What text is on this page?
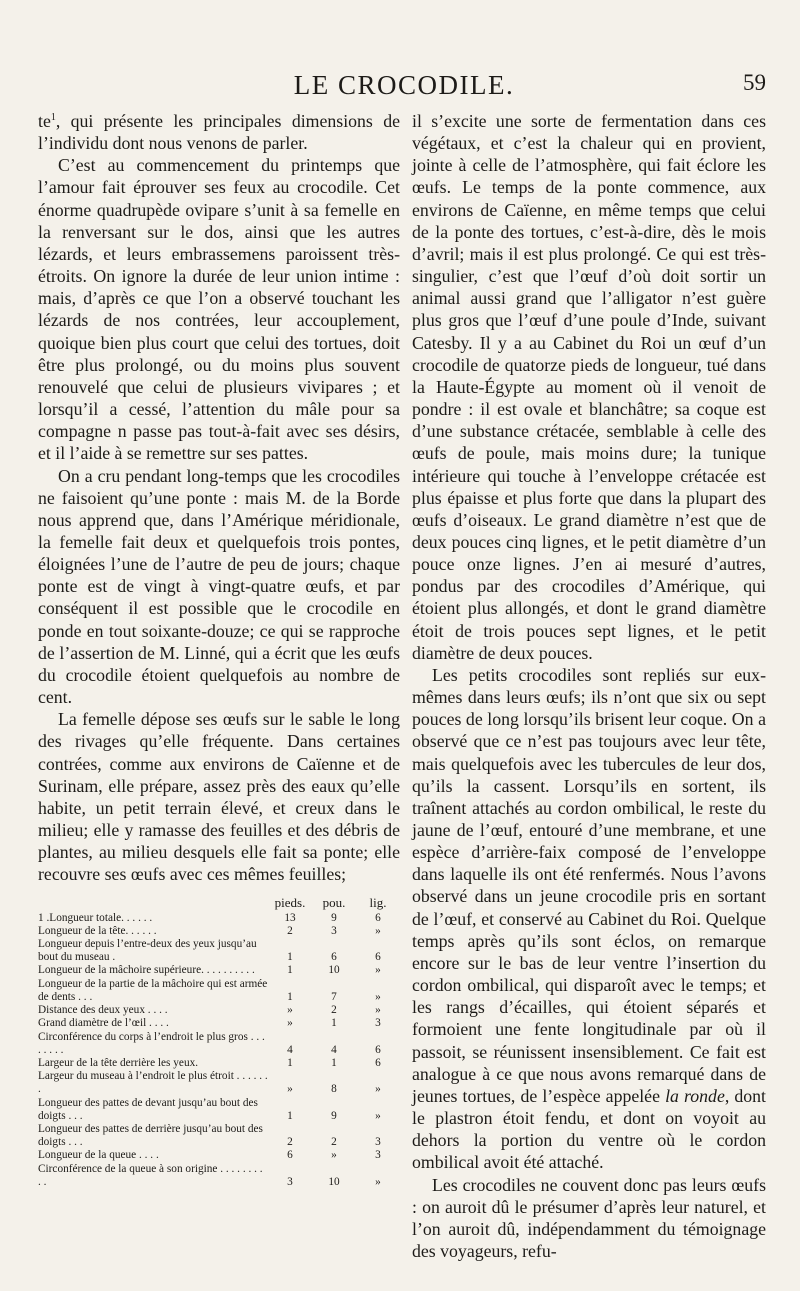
LE CROCODILE.	59

$te^1$, qui présente les principales dimensions de l’individu dont nous venons de parler.

C’est au commencement du printemps que l’amour fait éprouver ses feux au crocodile. Cet énorme quadrupède ovipare s’unit à sa femelle en la renversant sur le dos, ainsi que les autres lézards, et leurs embrassemens paroissent très-étroits. On ignore la durée de leur union intime : mais, d’après ce que l’on a observé touchant les lézards de nos contrées, leur accouplement, quoique bien plus court que celui des tortues, doit être plus prolongé, ou du moins plus souvent renouvelé que celui de plusieurs vivipares ; et lorsqu’il a cessé, l’attention du mâle pour sa compagne n passe pas tout-à-fait avec ses désirs, et il l’aide à se remettre sur ses pattes.

On a cru pendant long-temps que les crocodiles ne faisoient qu’une ponte : mais M. de la Borde nous apprend que, dans l’Amérique méridionale, la femelle fait deux et quelquefois trois pontes, éloignées l’une de l’autre de peu de jours; chaque ponte est de vingt à vingt-quatre œufs, et par conséquent il est possible que le crocodile en ponde en tout soixante-douze; ce qui se rapproche de l’assertion de M. Linné, qui a écrit que les œufs du crocodile étoient quelquefois au nombre de cent.

La femelle dépose ses œufs sur le sable le long des rivages qu’elle fréquente. Dans certaines contrées, comme aux environs de Caïenne et de Surinam, elle prépare, assez près des eaux qu’elle habite, un petit terrain élevé, et creux dans le milieu; elle y ramasse des feuilles et des débris de plantes, au milieu desquels elle fait sa ponte; elle recouvre ses œufs avec ces mêmes feuilles;

	pieds.	pou.	lig.
1 .Longueur totale. . . . . .	13	9	6
Longueur de la tête. . . . . .	2	3	»
Longueur depuis l’entre-deux des yeux jusqu’au bout du museau .	1	6	6
Longueur de la mâchoire supérieure. . . . . . . . . .	1	10	»
Longueur de la partie de la mâchoire qui est armée de dents . . .	1	7	»
Distance des deux yeux . . . .	»	2	»
Grand diamètre de l’œil . . . .	»	1	3
Circonférence du corps à l’endroit le plus gros . . . . . . . .	4	4	6
Largeur de la tête derrière les yeux.	1	1	6
Largeur du museau à l’endroit le plus étroit . . . . . . .	»	8	»
Longueur des pattes de devant jusqu’au bout des doigts . . .	1	9	»
Longueur des pattes de derrière jusqu’au bout des doigts . . .	2	2	3
Longueur de la queue . . . .	6	»	3
Circonférence de la queue à son origine . . . . . . . . . .	3	10	»

il s’excite une sorte de fermentation dans ces végétaux, et c’est la chaleur qui en provient, jointe à celle de l’atmosphère, qui fait éclore les œufs. Le temps de la ponte commence, aux environs de Caïenne, en même temps que celui de la ponte des tortues, c’est-à-dire, dès le mois d’avril; mais il est plus prolongé. Ce qui est très-singulier, c’est que l’œuf d’où doit sortir un animal aussi grand que l’alligator n’est guère plus gros que l’œuf d’une poule d’Inde, suivant Catesby. Il y a au Cabinet du Roi un œuf d’un crocodile de quatorze pieds de longueur, tué dans la Haute-Égypte au moment où il venoit de pondre : il est ovale et blanchâtre; sa coque est d’une substance crétacée, semblable à celle des œufs de poule, mais moins dure; la tunique intérieure qui touche à l’enveloppe crétacée est plus épaisse et plus forte que dans la plupart des œufs d’oiseaux. Le grand diamètre n’est que de deux pouces cinq lignes, et le petit diamètre d’un pouce onze lignes. J’en ai mesuré d’autres, pondus par des crocodiles d’Amérique, qui étoient plus allongés, et dont le grand diamètre étoit de trois pouces sept lignes, et le petit diamètre de deux pouces.

Les petits crocodiles sont repliés sur eux-mêmes dans leurs œufs; ils n’ont que six ou sept pouces de long lorsqu’ils brisent leur coque. On a observé que ce n’est pas toujours avec leur tête, mais quelquefois avec les tubercules de leur dos, qu’ils la cassent. Lorsqu’ils en sortent, ils traînent attachés au cordon ombilical, le reste du jaune de l’œuf, entouré d’une membrane, et une espèce d’arrière-faix composé de l’enveloppe dans laquelle ils ont été renfermés. Nous l’avons observé dans un jeune crocodile pris en sortant de l’œuf, et conservé au Cabinet du Roi. Quelque temps après qu’ils sont éclos, on remarque encore sur le bas de leur ventre l’insertion du cordon ombilical, qui disparoît avec le temps; et les rangs d’écailles, qui étoient séparés et formoient une fente longitudinale par où il passoit, se réunissent insensiblement. Ce fait est analogue à ce que nous avons remarqué dans de jeunes tortues, de l’espèce appelée la ronde, dont le plastron étoit fendu, et dont on voyoit au dehors la portion du ventre où le cordon ombilical avoit été attaché.

Les crocodiles ne couvent donc pas leurs œufs : on auroit dû le présumer d’après leur naturel, et l’on auroit dû, indépendamment du témoignage des voyageurs, refu-
